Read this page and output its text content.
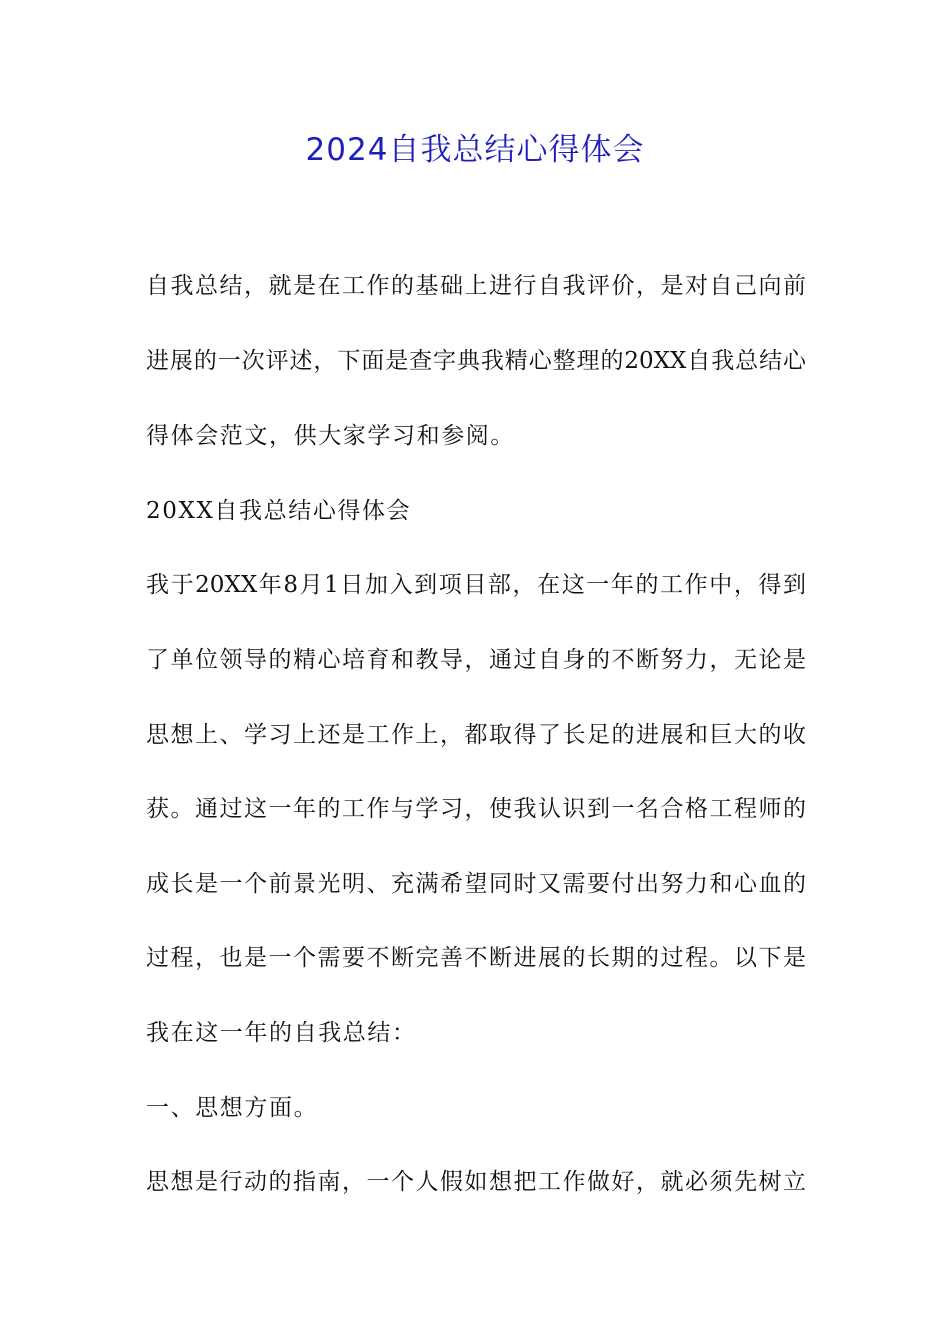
2024自我总结心得体会
自我总结，就是在工作的基础上进行自我评价，是对自己向前
进展的一次评述，下面是查字典我精心整理的20XX自我总结心
得体会范文，供大家学习和参阅。
20XX自我总结心得体会
我于20XX年8月1日加入到项目部，在这一年的工作中，得到
了单位领导的精心培育和教导，通过自身的不断努力，无论是
思想上、学习上还是工作上，都取得了长足的进展和巨大的收
获。通过这一年的工作与学习，使我认识到一名合格工程师的
成长是一个前景光明、充满希望同时又需要付出努力和心血的
过程，也是一个需要不断完善不断进展的长期的过程。以下是
我在这一年的自我总结：
一、思想方面。
思想是行动的指南，一个人假如想把工作做好，就必须先树立
